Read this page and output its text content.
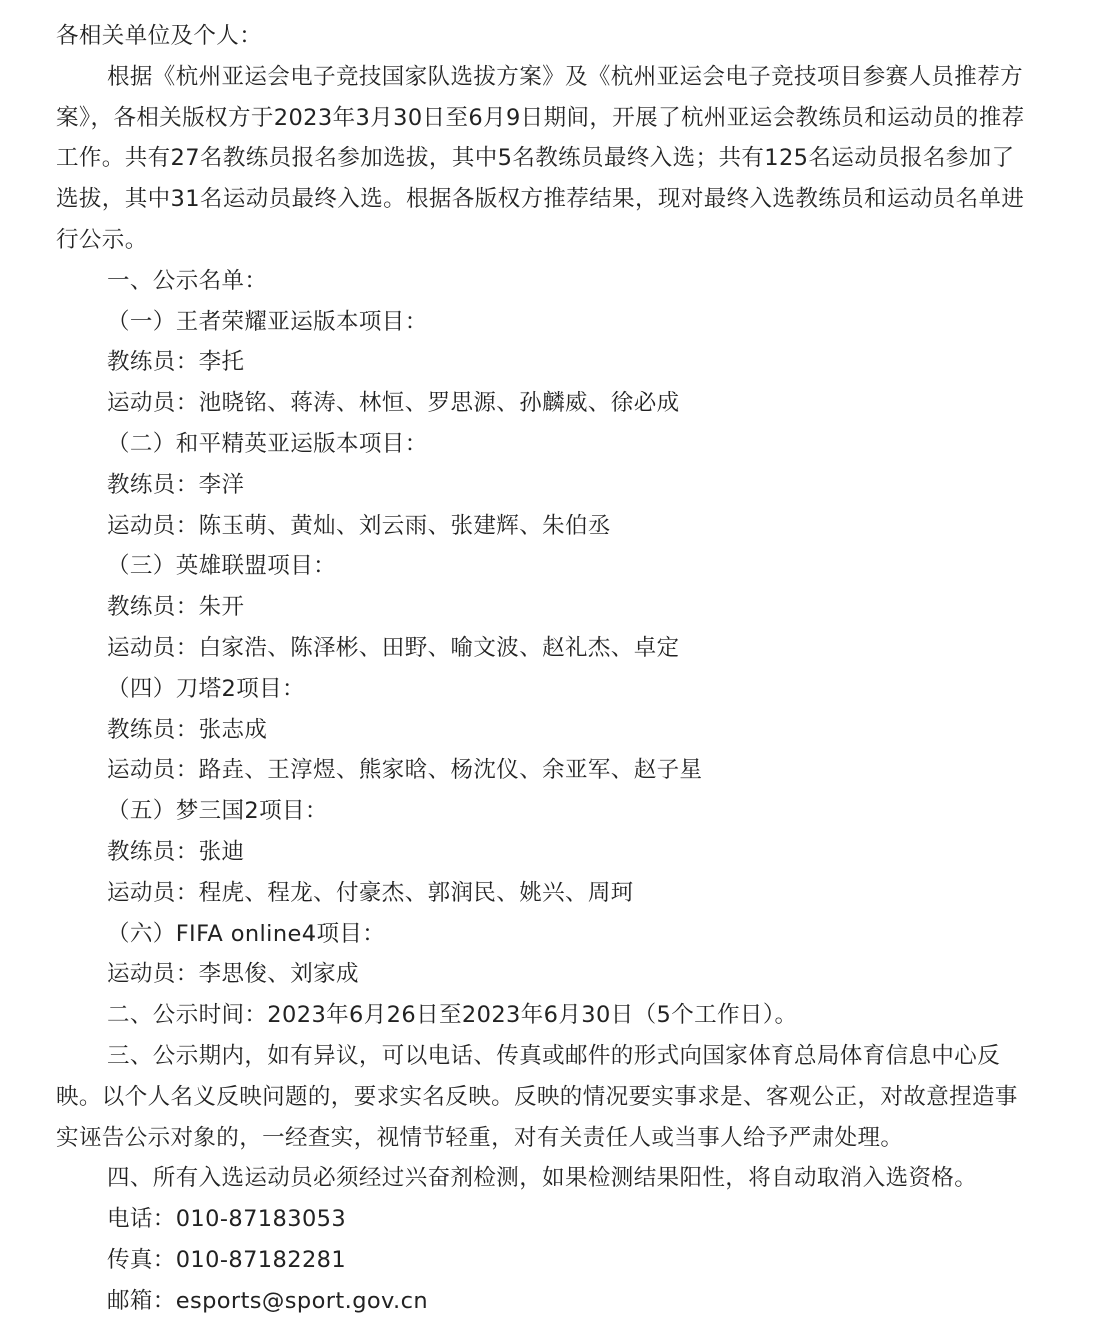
各相关单位及个人：

根据《杭州亚运会电子竞技国家队选拔方案》及《杭州亚运会电子竞技项目参赛人员推荐方案》，各相关版权方于2023年3月30日至6月9日期间，开展了杭州亚运会教练员和运动员的推荐工作。共有27名教练员报名参加选拔，其中5名教练员最终入选；共有125名运动员报名参加了选拔，其中31名运动员最终入选。根据各版权方推荐结果，现对最终入选教练员和运动员名单进行公示。

一、公示名单：

（一）王者荣耀亚运版本项目：

教练员：李托

运动员：池晓铭、蒋涛、林恒、罗思源、孙麟威、徐必成

（二）和平精英亚运版本项目：

教练员：李洋

运动员：陈玉萌、黄灿、刘云雨、张建辉、朱伯丞

（三）英雄联盟项目：

教练员：朱开

运动员：白家浩、陈泽彬、田野、喻文波、赵礼杰、卓定

（四）刀塔2项目：

教练员：张志成

运动员：路垚、王淳煜、熊家晗、杨沈仪、余亚军、赵子星

（五）梦三国2项目：

教练员：张迪

运动员：程虎、程龙、付豪杰、郭润民、姚兴、周珂

（六）FIFA online4项目：

运动员：李思俊、刘家成

二、公示时间：2023年6月26日至2023年6月30日（5个工作日）。

三、公示期内，如有异议，可以电话、传真或邮件的形式向国家体育总局体育信息中心反映。以个人名义反映问题的，要求实名反映。反映的情况要实事求是、客观公正，对故意捏造事实诬告公示对象的，一经查实，视情节轻重，对有关责任人或当事人给予严肃处理。

四、所有入选运动员必须经过兴奋剂检测，如果检测结果阳性，将自动取消入选资格。

电话：010-87183053

传真：010-87182281

邮箱：esports@sport.gov.cn
